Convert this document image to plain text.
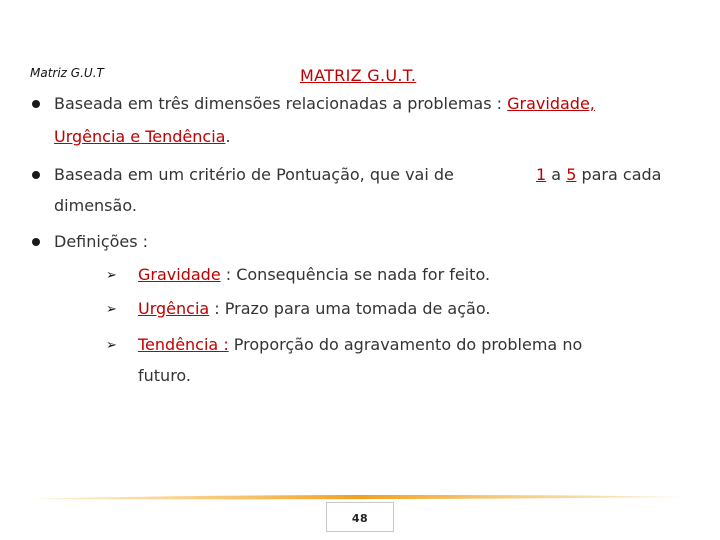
Matriz G.U.T	MATRIZ G.U.T.
Baseada em três dimensões relacionadas a problemas : Gravidade,
Urgência e Tendência.
Baseada em um critério de Pontuação, que vai de	1 a 5 para cada
dimensão.
Definições :
➢ Gravidade : Consequência se nada for feito.
➢ Urgência : Prazo para uma tomada de ação.
➢ Tendência : Proporção do agravamento do problema no
futuro.
48
